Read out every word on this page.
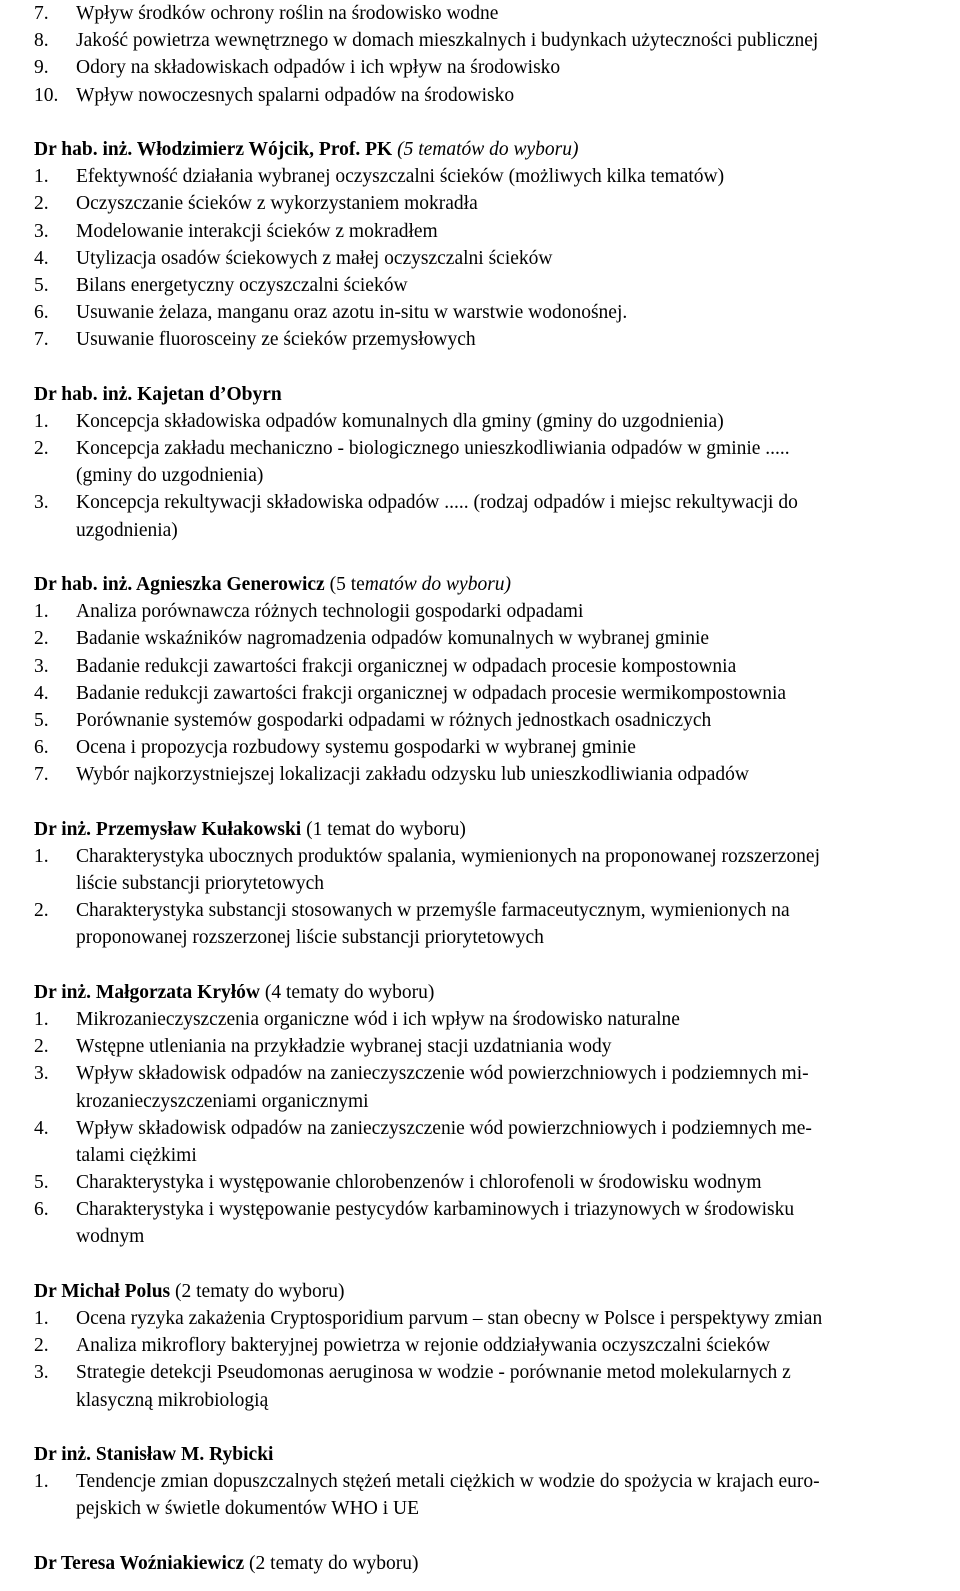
7. Wpływ środków ochrony roślin na środowisko wodne
8. Jakość powietrza wewnętrznego w domach mieszkalnych i budynkach użyteczności publicznej
9. Odory na składowiskach odpadów i ich wpływ na środowisko
10. Wpływ nowoczesnych spalarni odpadów na środowisko
Dr hab. inż. Włodzimierz Wójcik, Prof. PK (5 tematów do wyboru)
1. Efektywność działania wybranej oczyszczalni ścieków (możliwych kilka tematów)
2. Oczyszczanie ścieków z wykorzystaniem mokradła
3. Modelowanie interakcji ścieków z mokradłem
4. Utylizacja osadów ściekowych z małej oczyszczalni ścieków
5. Bilans energetyczny oczyszczalni ścieków
6. Usuwanie żelaza, manganu oraz azotu in-situ w warstwie wodonośnej.
7. Usuwanie fluorosceiny ze ścieków przemysłowych
Dr hab. inż. Kajetan d’Obyrn
1. Koncepcja składowiska odpadów komunalnych dla gminy (gminy do uzgodnienia)
2. Koncepcja zakładu mechaniczno - biologicznego unieszkodliwiania odpadów w gminie .....
(gminy do uzgodnienia)
3. Koncepcja rekultywacji składowiska odpadów ..... (rodzaj odpadów i miejsc rekultywacji do
uzgodnienia)
Dr hab. inż. Agnieszka Generowicz (5 tematów do wyboru)
1. Analiza porównawcza różnych technologii gospodarki odpadami
2. Badanie wskaźników nagromadzenia odpadów komunalnych w wybranej gminie
3. Badanie redukcji zawartości frakcji organicznej w odpadach procesie kompostownia
4. Badanie redukcji zawartości frakcji organicznej w odpadach procesie wermikompostownia
5. Porównanie systemów gospodarki odpadami w różnych jednostkach osadniczych
6. Ocena i propozycja rozbudowy systemu gospodarki w wybranej gminie
7. Wybór najkorzystniejszej lokalizacji zakładu odzysku lub unieszkodliwiania odpadów
Dr inż. Przemysław Kułakowski (1 temat do wyboru)
1. Charakterystyka ubocznych produktów spalania, wymienionych na proponowanej rozszerzonej
liście substancji priorytetowych
2. Charakterystyka substancji stosowanych w przemyśle farmaceutycznym, wymienionych na
proponowanej rozszerzonej liście substancji priorytetowych
Dr inż. Małgorzata Kryłów (4 tematy do wyboru)
1. Mikrozanieczyszczenia organiczne wód i ich wpływ na środowisko naturalne
2. Wstępne utleniania na przykładzie wybranej stacji uzdatniania wody
3. Wpływ składowisk odpadów na zanieczyszczenie wód powierzchniowych i podziemnych mi-
krozanieczyszczeniami organicznymi
4. Wpływ składowisk odpadów na zanieczyszczenie wód powierzchniowych i podziemnych me-
talami ciężkimi
5. Charakterystyka i występowanie chlorobenzenów i chlorofenoli w środowisku wodnym
6. Charakterystyka i występowanie pestycydów karbaminowych i triazynowych w środowisku
wodnym
Dr Michał Polus (2 tematy do wyboru)
1. Ocena ryzyka zakażenia Cryptosporidium parvum – stan obecny w Polsce i perspektywy zmian
2. Analiza mikroflory bakteryjnej powietrza w rejonie oddziaływania oczyszczalni ścieków
3. Strategie detekcji Pseudomonas aeruginosa w wodzie - porównanie metod molekularnych z
klasyczną mikrobiologią
Dr inż. Stanisław M. Rybicki
1. Tendencje zmian dopuszczalnych stężeń metali ciężkich w wodzie do spożycia w krajach euro-
pejskich w świetle dokumentów WHO i UE
Dr Teresa Woźniakiewicz (2 tematy do wyboru)
